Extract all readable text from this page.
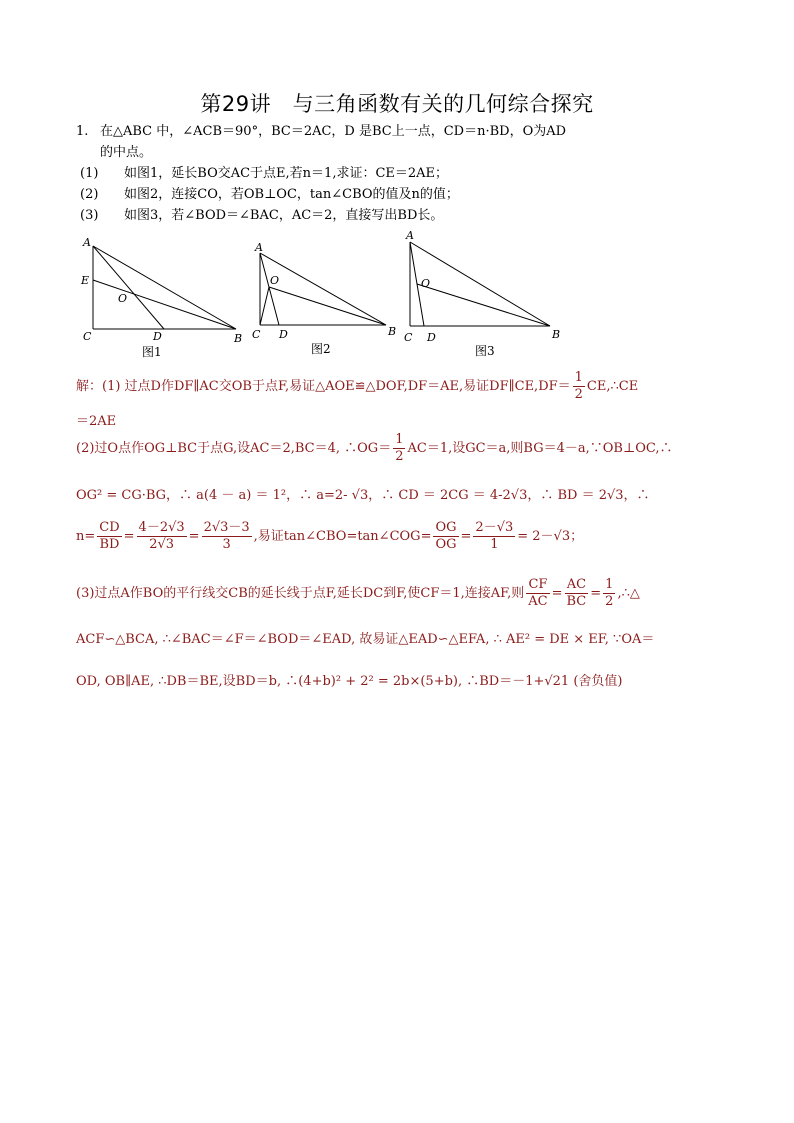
第29讲　与三角函数有关的几何综合探究
1. 在△ABC 中，∠ACB＝90°，BC＝2AC，D 是BC上一点，CD＝n·BD，O为AD
的中点。
(1) 如图1，延长BO交AC于点E,若n＝1,求证：CE＝2AE；
(2) 如图2，连接CO，若OB⊥OC，tan∠CBO的值及n的值；
(3) 如图3，若∠BOD＝∠BAC，AC＝2，直接写出BD长。
A
E
O
C	D	B
图1
A
O
C D	B
图2
A
O
C D	B
图3
解：(1) 过点D作DF∥AC交OB于点F,易证△AOE≌△DOF,DF＝AE,易证DF∥CE,DF＝ $\frac{1}{2}$ CE,∴CE
＝2AE
(2)过O点作OG⊥BC于点G,设AC＝2,BC＝4, ∴OG＝ $\frac{1}{2} AC=1$,设GC＝a,则BG＝4－a,∵OB⊥OC,∴
OG² = CG·BG，∴ a(4 － a) ＝ 1²，∴ a=2- √3，∴ CD ＝ 2CG ＝ 4-2√3，∴ BD ＝ 2√3，∴
$n= \frac{CD}{BD} = \frac{4-2√3}{2√3} = \frac{2√3-3}{3}$ ,易证tan∠CBO=tan∠COG= $\frac{OG}{OG} = \frac{2-√3}{1} = 2-√3$；
(3)过点A作BO的平行线交CB的延长线于点F,延长DC到F,使CF＝1,连接AF,则 $\frac{CF}{AC} = \frac{AC}{BC} = \frac{1}{2}$ ,∴△
ACF∽△BCA, ∴∠BAC＝∠F＝∠BOD＝∠EAD, 故易证△EAD∽△EFA, ∴ AE² = DE × EF, ∵OA＝
OD, OB∥AE, ∴DB＝BE,设BD＝b, ∴(4+b)² + 2² = 2b×(5+b), ∴BD＝－1+√21 (舍负值)
